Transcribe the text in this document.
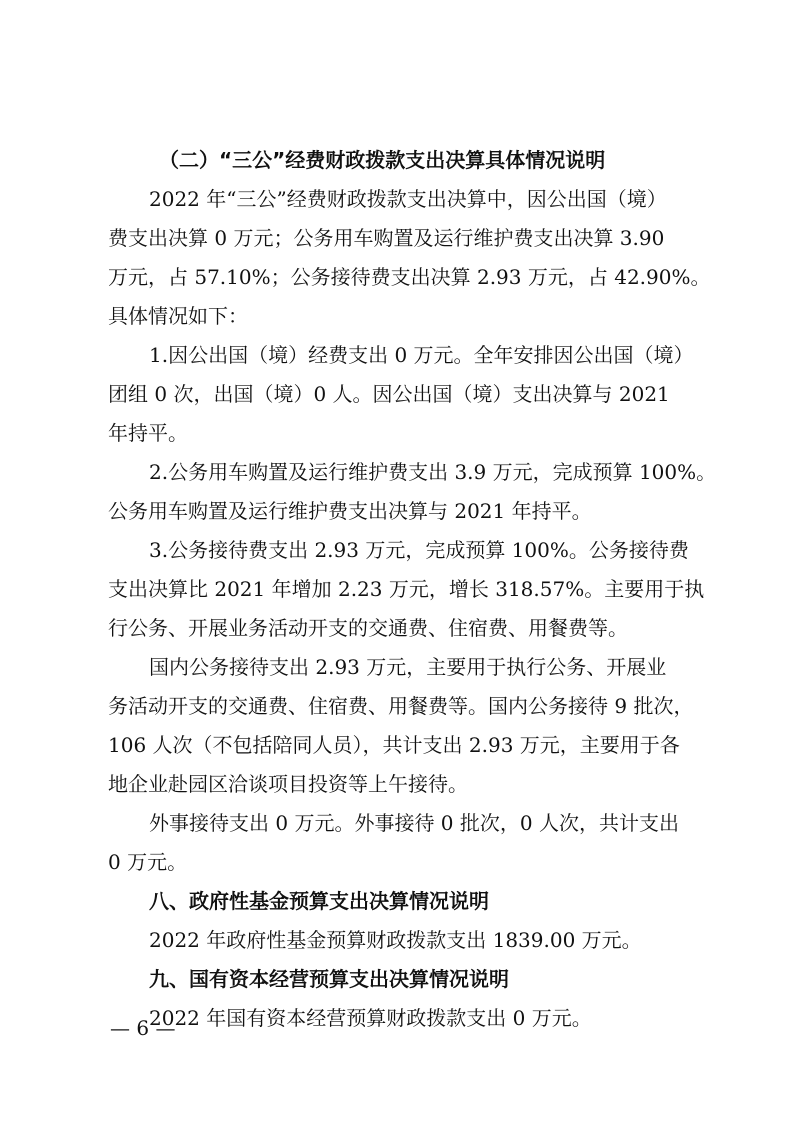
（二）“三公”经费财政拨款支出决算具体情况说明

2022 年“三公”经费财政拨款支出决算中，因公出国（境）

费支出决算 0 万元；公务用车购置及运行维护费支出决算 3.90

万元，占 57.10%；公务接待费支出决算 2.93 万元，占 42.90%。

具体情况如下：

1.因公出国（境）经费支出 0 万元。全年安排因公出国（境）

团组 0 次，出国（境）0 人。因公出国（境）支出决算与 2021

年持平。

2.公务用车购置及运行维护费支出 3.9 万元，完成预算 100%。

公务用车购置及运行维护费支出决算与 2021 年持平。

3.公务接待费支出 2.93 万元，完成预算 100%。公务接待费

支出决算比 2021 年增加 2.23 万元，增长 318.57%。主要用于执

行公务、开展业务活动开支的交通费、住宿费、用餐费等。

国内公务接待支出 2.93 万元，主要用于执行公务、开展业

务活动开支的交通费、住宿费、用餐费等。国内公务接待 9 批次，

106 人次（不包括陪同人员），共计支出 2.93 万元，主要用于各

地企业赴园区洽谈项目投资等上午接待。

外事接待支出 0 万元。外事接待 0 批次，0 人次，共计支出

0 万元。

八、政府性基金预算支出决算情况说明

2022 年政府性基金预算财政拨款支出 1839.00 万元。

九、国有资本经营预算支出决算情况说明

2022 年国有资本经营预算财政拨款支出 0 万元。

— 6 —
